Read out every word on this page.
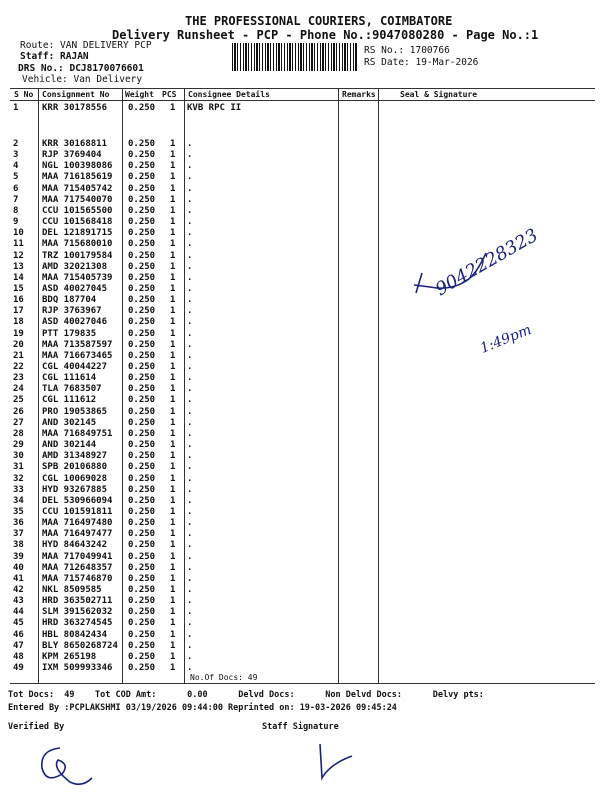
THE PROFESSIONAL COURIERS, COIMBATORE
Delivery Runsheet - PCP - Phone No.:9047080280 - Page No.:1
Route: VAN DELIVERY PCP
Staff: RAJAN
DRS No.: DCJ8170076601
Vehicle: Van Delivery
RS No.: 1700766
RS Date: 19-Mar-2026
S No Consignment No Weight PCS Consignee Details	Remarks	Seal & Signature
1	KRR 30178556 0.250 1 KVB RPC II
2	KRR 30168811 0.250 1 .
3	RJP 3769404	0.250 1 .
4	NGL 100398086 0.250 1 .
5	MAA 716185619 0.250 1 .
6	MAA 715405742 0.250 1 .
7	MAA 717540070 0.250 1 .
8	CCU 101565500 0.250 1 .
9	CCU 101568418 0.250 1 .
10 DEL 121891715 0.250 1 .
11 MAA 715680010 0.250 1 .
12 TRZ 100179584 0.250 1 .
13 AMD 32021308 0.250 1 .
14 MAA 715405739 0.250 1 .
15 ASD 40027045 0.250 1 .
16 BDQ 187704	0.250 1 .
17 RJP 3763967	0.250 1 .
18 ASD 40027046 0.250 1 .
19 PTT 179835	0.250 1 .
20 MAA 713587597 0.250 1 .
21 MAA 716673465 0.250 1 .
22 CGL 40044227 0.250 1 .
23 CGL 111614	0.250 1 .
24 TLA 7683507	0.250 1 .
25 CGL 111612	0.250 1 .
26 PRO 19053865 0.250 1 .
27 AND 302145	0.250 1 .
28 MAA 716849751 0.250 1 .
29 AND 302144	0.250 1 .
30 AMD 31348927 0.250 1 .
31 SPB 20106880 0.250 1 .
32 CGL 10069028 0.250 1 .
33 HYD 93267885 0.250 1 .
34 DEL 530966094 0.250 1 .
35 CCU 101591811 0.250 1 .
36 MAA 716497480 0.250 1 .
37 MAA 716497477 0.250 1 .
38 HYD 84643242 0.250 1 .
39 MAA 717049941 0.250 1 .
40 MAA 712648357 0.250 1 .
41 MAA 715746870 0.250 1 .
42 NKL 8509585	0.250 1 .
43 HRD 363502711 0.250 1 .
44 SLM 391562032 0.250 1 .
45 HRD 363274545 0.250 1 .
46 HBL 80842434 0.250 1 .
47 BLY 8650268724 0.250 1 .
48 KPM 265198	0.250 1 .
49 IXM 509993346 0.250 1 .
No.Of Docs: 49
Tot Docs:  49    Tot COD Amt:      0.00      Delvd Docs:      Non Delvd Docs:      Delvy pts:
Entered By :PCPLAKSHMI 03/19/2026 09:44:00 Reprinted on: 19-03-2026 09:45:24
Verified By	Staff Signature
9042228323
1:49pm
